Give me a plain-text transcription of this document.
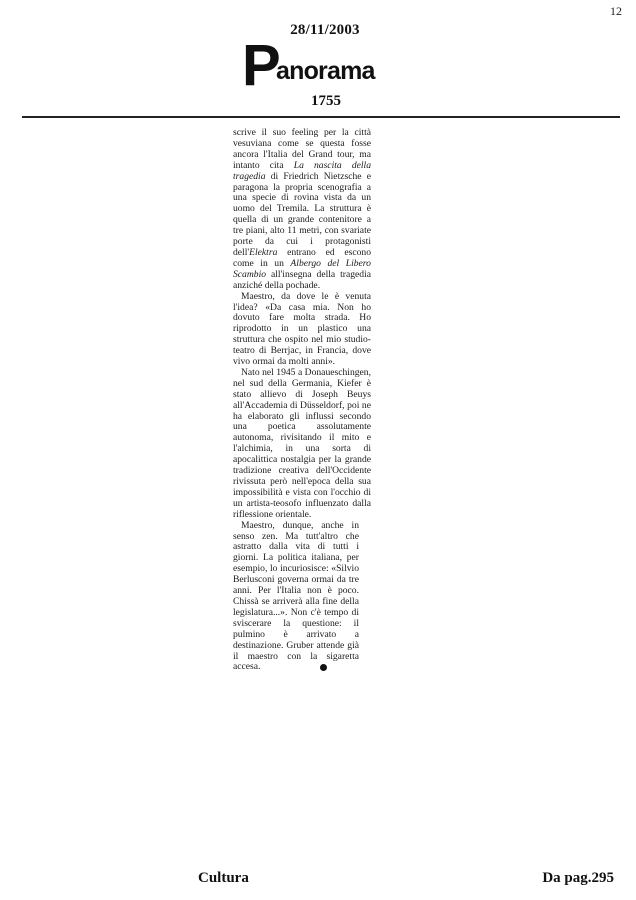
12
28/11/2003
P
anorama
1755

scrive il suo feeling per la città vesuviana come se questa fosse ancora l'Italia del Grand tour, ma intanto cita La nascita della tragedia di Friedrich Nietzsche e paragona la propria scenografia a una specie di rovina vista da un uomo del Tremila. La struttura è quella di un grande contenitore a tre piani, alto 11 metri, con svariate porte da cui i protagonisti dell'Elektra entrano ed escono come in un Albergo del Libero Scambio all'insegna della tragedia anziché della pochade.

Maestro, da dove le è venuta l'idea? «Da casa mia. Non ho dovuto fare molta strada. Ho riprodotto in un plastico una struttura che ospito nel mio studio-teatro di Berrjac, in Francia, dove vivo ormai da molti anni».

Nato nel 1945 a Donaueschingen, nel sud della Germania, Kiefer è stato allievo di Joseph Beuys all'Accademia di Düsseldorf, poi ne ha elaborato gli influssi secondo una poetica assolutamente autonoma, rivisitando il mito e l'alchimia, in una sorta di apocalittica nostalgia per la grande tradizione creativa dell'Occidente rivissuta però nell'epoca della sua impossibilità e vista con l'occhio di un artista-teosofo influenzato dalla riflessione orientale.

Maestro, dunque, anche in senso zen. Ma tutt'altro che astratto dalla vita di tutti i giorni. La politica italiana, per esempio, lo incuriosisce: «Silvio Berlusconi governa ormai da tre anni. Per l'Italia non è poco. Chissà se arriverà alla fine della legislatura...». Non c'è tempo di sviscerare la questione: il pulmino è arrivato a destinazione. Gruber attende già il maestro con la sigaretta accesa.

Cultura	Da pag.295
